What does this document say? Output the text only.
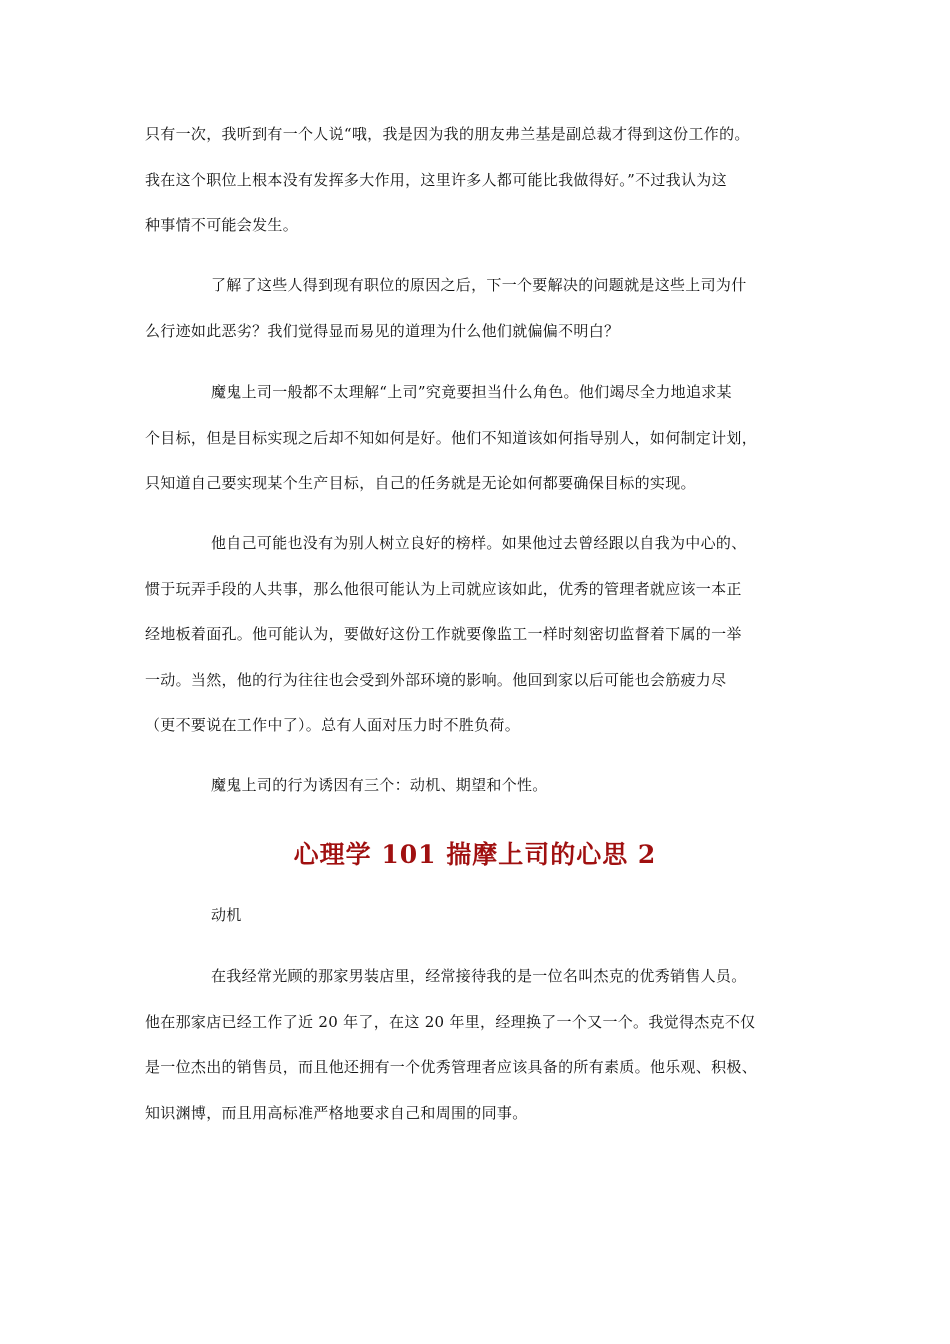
只有一次，我听到有一个人说“哦，我是因为我的朋友弗兰基是副总裁才得到这份工作的。
我在这个职位上根本没有发挥多大作用，这里许多人都可能比我做得好。”不过我认为这
种事情不可能会发生。
了解了这些人得到现有职位的原因之后，下一个要解决的问题就是这些上司为什
么行迹如此恶劣？我们觉得显而易见的道理为什么他们就偏偏不明白？
魔鬼上司一般都不太理解“上司”究竟要担当什么角色。他们竭尽全力地追求某
个目标，但是目标实现之后却不知如何是好。他们不知道该如何指导别人，如何制定计划，
只知道自己要实现某个生产目标，自己的任务就是无论如何都要确保目标的实现。
他自己可能也没有为别人树立良好的榜样。如果他过去曾经跟以自我为中心的、
惯于玩弄手段的人共事，那么他很可能认为上司就应该如此，优秀的管理者就应该一本正
经地板着面孔。他可能认为，要做好这份工作就要像监工一样时刻密切监督着下属的一举
一动。当然，他的行为往往也会受到外部环境的影响。他回到家以后可能也会筋疲力尽
（更不要说在工作中了）。总有人面对压力时不胜负荷。
魔鬼上司的行为诱因有三个：动机、期望和个性。
心理学 101 揣摩上司的心思 2
动机
在我经常光顾的那家男装店里，经常接待我的是一位名叫杰克的优秀销售人员。
他在那家店已经工作了近 20 年了，在这 20 年里，经理换了一个又一个。我觉得杰克不仅
是一位杰出的销售员，而且他还拥有一个优秀管理者应该具备的所有素质。他乐观、积极、
知识渊博，而且用高标准严格地要求自己和周围的同事。
